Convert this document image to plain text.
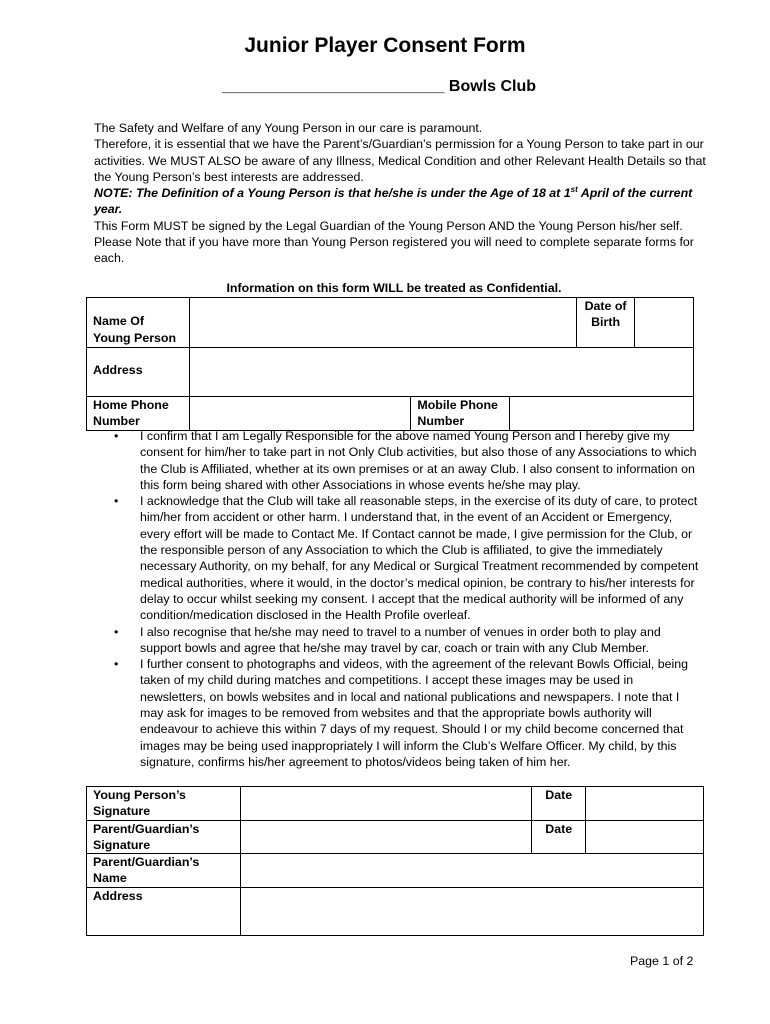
Junior Player Consent Form
_________________________ Bowls Club

The Safety and Welfare of any Young Person in our care is paramount.

Therefore, it is essential that we have the Parent’s/Guardian’s permission for a Young Person to take part in our activities. We MUST ALSO be aware of any Illness, Medical Condition and other Relevant Health Details so that the Young Person’s best interests are addressed.

NOTE: The Definition of a Young Person is that he/she is under the Age of 18 at 1st April of the current year.

This Form MUST be signed by the Legal Guardian of the Young Person AND the Young Person his/her self.

Please Note that if you have more than Young Person registered you will need to complete separate forms for each.

Information on this form WILL be treated as Confidential.
Name Of Young Person				Date of Birth	
Address					
Home Phone Number		Mobile Phone Number			
• I confirm that I am Legally Responsible for the above named Young Person and I hereby give my consent for him/her to take part in not Only Club activities, but also those of any Associations to which the Club is Affiliated, whether at its own premises or at an away Club. I also consent to information on this form being shared with other Associations in whose events he/she may play.
• I acknowledge that the Club will take all reasonable steps, in the exercise of its duty of care, to protect him/her from accident or other harm. I understand that, in the event of an Accident or Emergency, every effort will be made to Contact Me. If Contact cannot be made, I give permission for the Club, or the responsible person of any Association to which the Club is affiliated, to give the immediately necessary Authority, on my behalf, for any Medical or Surgical Treatment recommended by competent medical authorities, where it would, in the doctor’s medical opinion, be contrary to his/her interests for delay to occur whilst seeking my consent. I accept that the medical authority will be informed of any condition/medication disclosed in the Health Profile overleaf.
• I also recognise that he/she may need to travel to a number of venues in order both to play and support bowls and agree that he/she may travel by car, coach or train with any Club Member.
• I further consent to photographs and videos, with the agreement of the relevant Bowls Official, being taken of my child during matches and competitions. I accept these images may be used in newsletters, on bowls websites and in local and national publications and newspapers. I note that I may ask for images to be removed from websites and that the appropriate bowls authority will endeavour to achieve this within 7 days of my request. Should I or my child become concerned that images may be being used inappropriately I will inform the Club’s Welfare Officer. My child, by this signature, confirms his/her agreement to photos/videos being taken of him her.
Young Person’s Signature		Date	
Parent/Guardian’s Signature		Date	
Parent/Guardian’s Name			
Address			
Page 1 of 2
